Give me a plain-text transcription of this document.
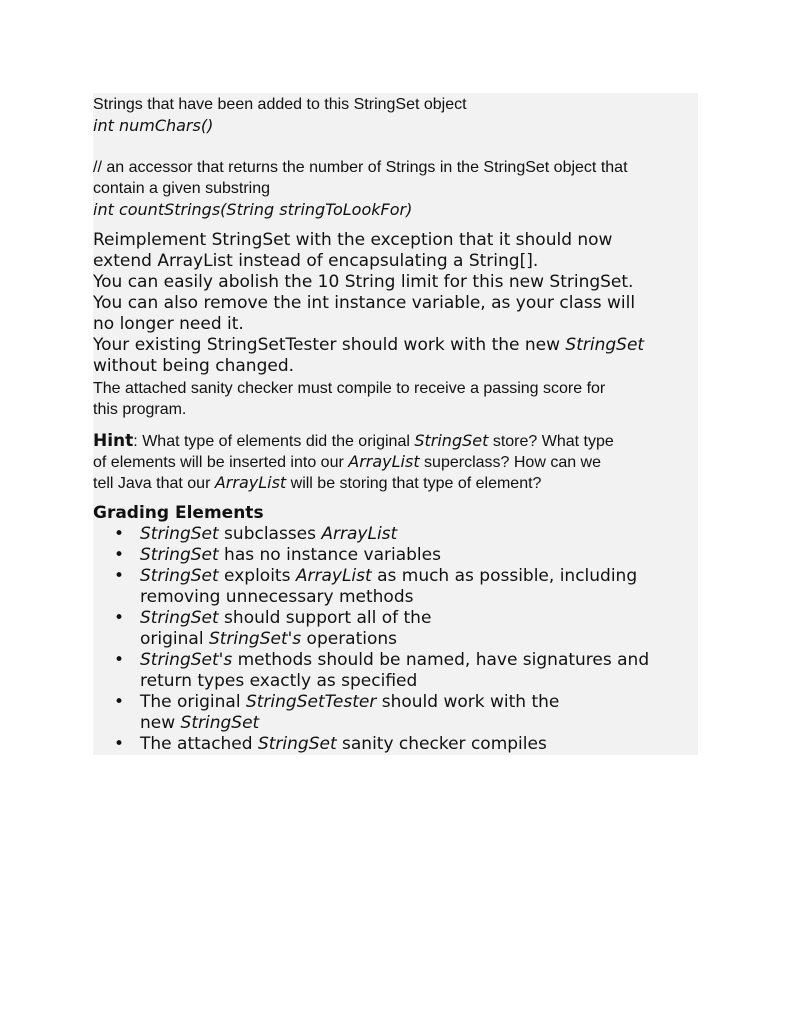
Strings that have been added to this StringSet object

int numChars()

// an accessor that returns the number of Strings in the StringSet object that

contain a given substring

int countStrings(String stringToLookFor)

Reimplement StringSet with the exception that it should now

extend ArrayList instead of encapsulating a String[].

You can easily abolish the 10 String limit for this new StringSet.

You can also remove the int instance variable, as your class will

no longer need it.

Your existing StringSetTester should work with the new StringSet

without being changed.

The attached sanity checker must compile to receive a passing score for

this program.

Hint: What type of elements did the original StringSet store? What type

of elements will be inserted into our ArrayList superclass? How can we

tell Java that our ArrayList will be storing that type of element?

Grading Elements

• StringSet subclasses ArrayList
• StringSet has no instance variables
• StringSet exploits ArrayList as much as possible, including
removing unnecessary methods
• StringSet should support all of the
original StringSet's operations
• StringSet's methods should be named, have signatures and
return types exactly as specified
• The original StringSetTester should work with the
new StringSet
• The attached StringSet sanity checker compiles
